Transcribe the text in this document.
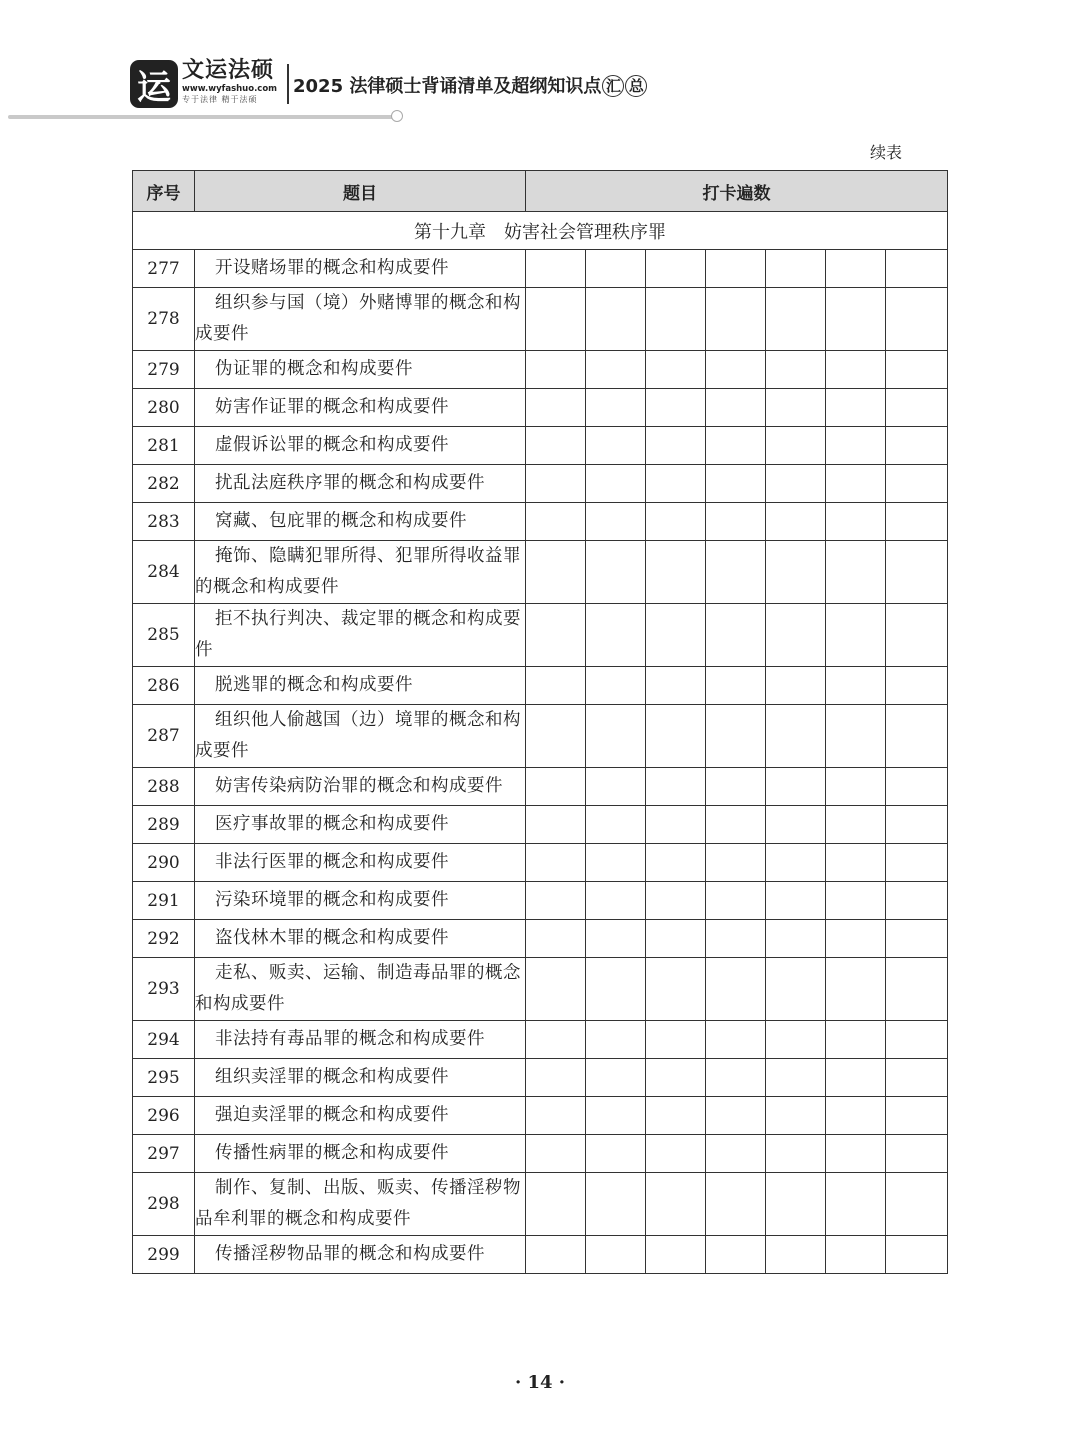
运 文运法硕
www.wyfashuo.com
专于法律 精于法硕
2025 法律硕士背诵清单及超纲知识点 汇 总
续表
序号	题目	打卡遍数						
第十九章　妨害社会管理秩序罪								
277	开设赌场罪的概念和构成要件							
278	组织参与国（境）外赌博罪的概念和构成要件							
279	伪证罪的概念和构成要件							
280	妨害作证罪的概念和构成要件							
281	虚假诉讼罪的概念和构成要件							
282	扰乱法庭秩序罪的概念和构成要件							
283	窝藏、包庇罪的概念和构成要件							
284	掩饰、隐瞒犯罪所得、犯罪所得收益罪的概念和构成要件							
285	拒不执行判决、裁定罪的概念和构成要件							
286	脱逃罪的概念和构成要件							
287	组织他人偷越国（边）境罪的概念和构成要件							
288	妨害传染病防治罪的概念和构成要件							
289	医疗事故罪的概念和构成要件							
290	非法行医罪的概念和构成要件							
291	污染环境罪的概念和构成要件							
292	盗伐林木罪的概念和构成要件							
293	走私、贩卖、运输、制造毒品罪的概念和构成要件							
294	非法持有毒品罪的概念和构成要件							
295	组织卖淫罪的概念和构成要件							
296	强迫卖淫罪的概念和构成要件							
297	传播性病罪的概念和构成要件							
298	制作、复制、出版、贩卖、传播淫秽物品牟利罪的概念和构成要件							
299	传播淫秽物品罪的概念和构成要件							
· 14 ·
